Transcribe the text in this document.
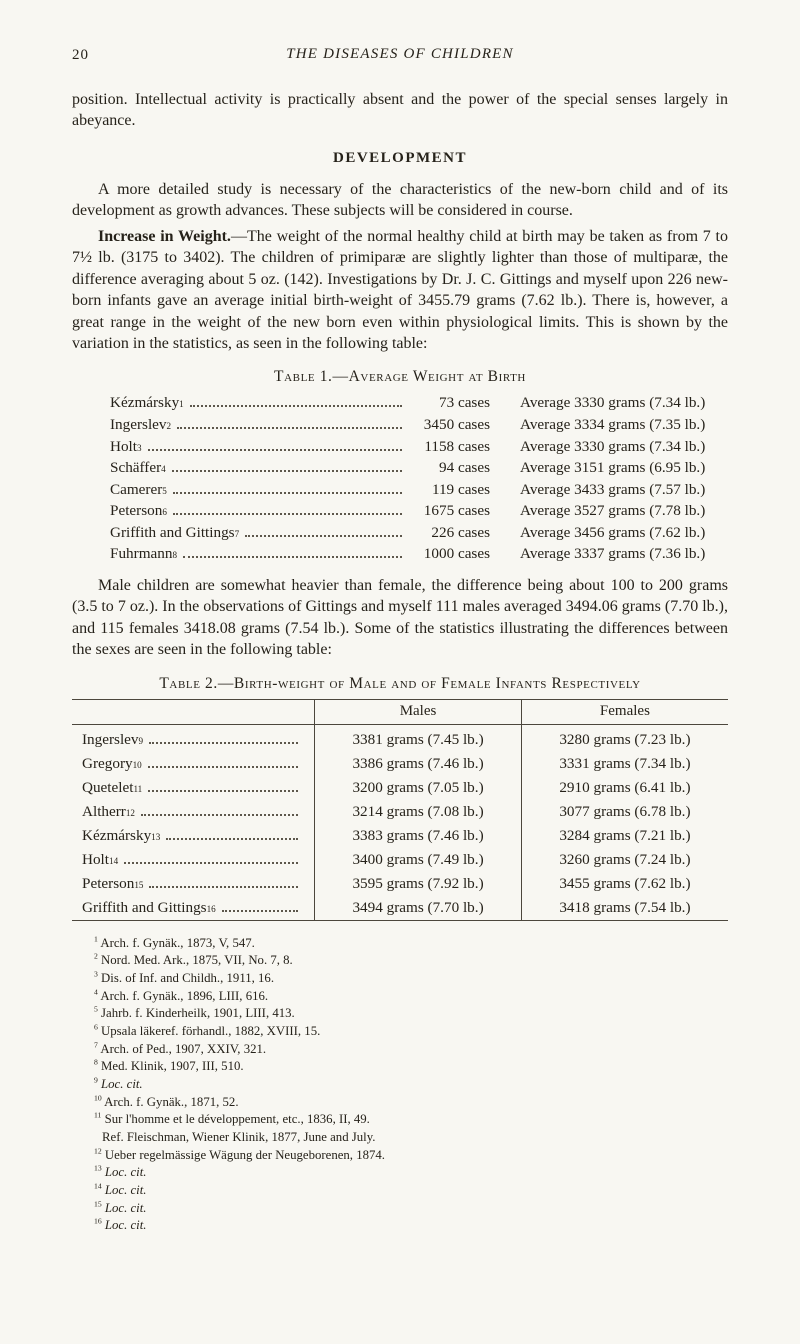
20	THE DISEASES OF CHILDREN

position. Intellectual activity is practically absent and the power of the special senses largely in abeyance.

DEVELOPMENT

A more detailed study is necessary of the characteristics of the new-born child and of its development as growth advances. These subjects will be considered in course.

Increase in Weight.—The weight of the normal healthy child at birth may be taken as from 7 to 7½ lb. (3175 to 3402). The children of primiparæ are slightly lighter than those of multiparæ, the difference averaging about 5 oz. (142). Investigations by Dr. J. C. Gittings and myself upon 226 new-born infants gave an average initial birth-weight of 3455.79 grams (7.62 lb.). There is, however, a great range in the weight of the new born even within physiological limits. This is shown by the variation in the statistics, as seen in the following table:

Table 1.—Average Weight at Birth
Kézmársky 1	73 cases Average 3330 grams (7.34 lb.)
Ingerslev 2	3450 cases Average 3334 grams (7.35 lb.)
Holt 3	1158 cases Average 3330 grams (7.34 lb.)
Schäffer 4	94 cases Average 3151 grams (6.95 lb.)
Camerer 5	119 cases Average 3433 grams (7.57 lb.)
Peterson 6	1675 cases Average 3527 grams (7.78 lb.)
Griffith and Gittings 7	226 cases Average 3456 grams (7.62 lb.)
Fuhrmann 8	1000 cases Average 3337 grams (7.36 lb.)

Male children are somewhat heavier than female, the difference being about 100 to 200 grams (3.5 to 7 oz.). In the observations of Gittings and myself 111 males averaged 3494.06 grams (7.70 lb.), and 115 females 3418.08 grams (7.54 lb.). Some of the statistics illustrating the differences between the sexes are seen in the following table:

Table 2.—Birth-weight of Male and of Female Infants Respectively
	Males	Females

Ingerslev 9	3381 grams (7.45 lb.)	3280 grams (7.23 lb.)

Gregory 10	3386 grams (7.46 lb.)	3331 grams (7.34 lb.)

Quetelet 11	3200 grams (7.05 lb.)	2910 grams (6.41 lb.)

Altherr 12	3214 grams (7.08 lb.)	3077 grams (6.78 lb.)

Kézmársky 13	3383 grams (7.46 lb.)	3284 grams (7.21 lb.)

Holt 14	3400 grams (7.49 lb.)	3260 grams (7.24 lb.)

Peterson 15	3595 grams (7.92 lb.)	3455 grams (7.62 lb.)

Griffith and Gittings 16	3494 grams (7.70 lb.)	3418 grams (7.54 lb.)
$^1$ Arch. f. Gynäk., 1873, V, 547.
$^2$ Nord. Med. Ark., 1875, VII, No. 7, 8.
$^3$ Dis. of Inf. and Childh., 1911, 16.
$^4$ Arch. f. Gynäk., 1896, LIII, 616.
$^5$ Jahrb. f. Kinderheilk, 1901, LIII, 413.
$^6$ Upsala läkeref. förhandl., 1882, XVIII, 15.
$^7$ Arch. of Ped., 1907, XXIV, 321.
$^8$ Med. Klinik, 1907, III, 510.
$^9$ Loc. cit.
$^{10}$ Arch. f. Gynäk., 1871, 52.
$^{11}$ Sur l'homme et le développement, etc., 1836, II, 49.
Ref. Fleischman, Wiener Klinik, 1877, June and July.
$^{12}$ Ueber regelmässige Wägung der Neugeborenen, 1874.
$^{13}$ Loc. cit.
$^{14}$ Loc. cit.
$^{15}$ Loc. cit.
$^{16}$ Loc. cit.
